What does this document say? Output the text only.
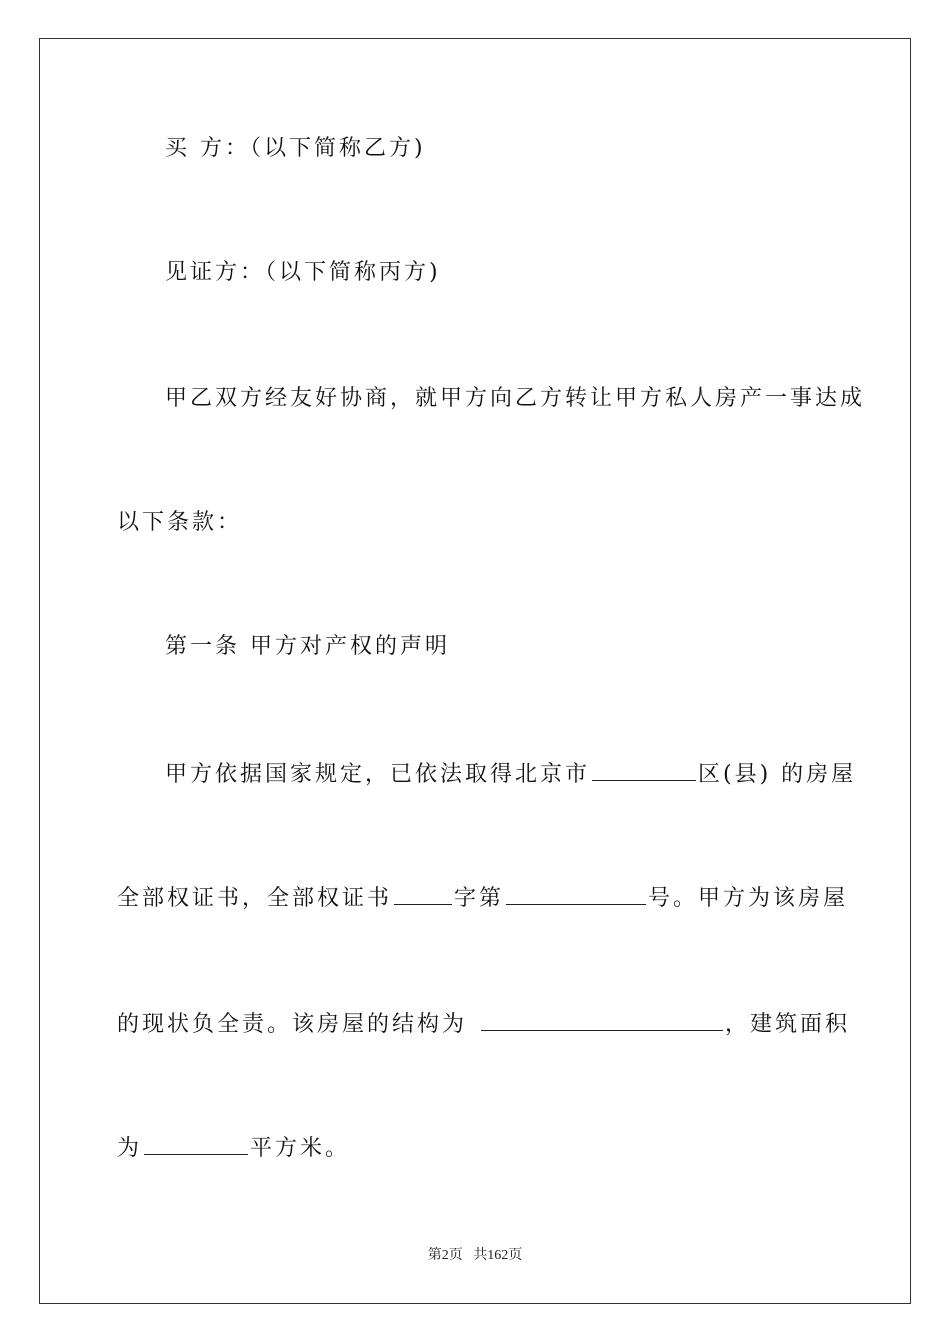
买 方：（以下简称乙方)

见证方：（以下简称丙方)

甲乙双方经友好协商，就甲方向乙方转让甲方私人房产一事达成

以下条款：

第一条 甲方对产权的声明

甲方依据国家规定，已依法取得北京市	区(县) 的房屋

全部权证书，全部权证书	字第	号。甲方为该房屋

的现状负全责。该房屋的结构为	，建筑面积

为	平方米。

第2页 共162页
